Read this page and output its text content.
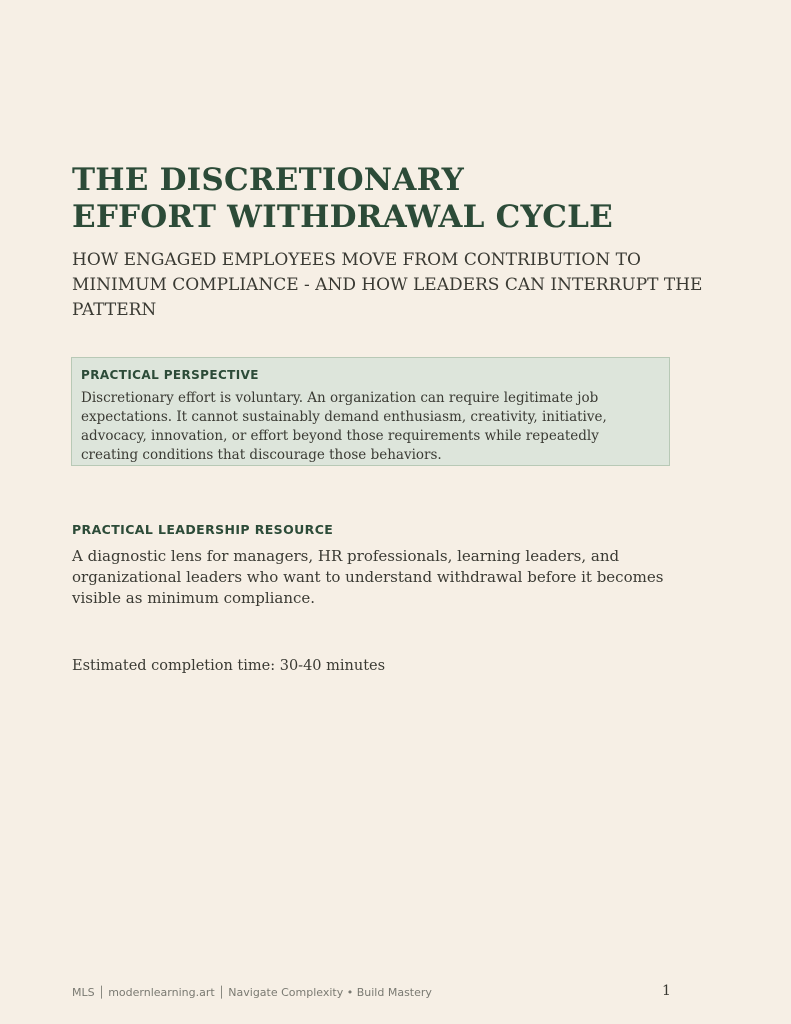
THE DISCRETIONARY
EFFORT WITHDRAWAL CYCLE

HOW ENGAGED EMPLOYEES MOVE FROM CONTRIBUTION TO MINIMUM COMPLIANCE - AND HOW LEADERS CAN INTERRUPT THE PATTERN

PRACTICAL PERSPECTIVE

Discretionary effort is voluntary. An organization can require legitimate job expectations. It cannot sustainably demand enthusiasm, creativity, initiative, advocacy, innovation, or effort beyond those requirements while repeatedly creating conditions that discourage those behaviors.

PRACTICAL LEADERSHIP RESOURCE

A diagnostic lens for managers, HR professionals, learning leaders, and organizational leaders who want to understand withdrawal before it becomes visible as minimum compliance.

Estimated completion time: 30-40 minutes

MLS │ modernlearning.art │ Navigate Complexity • Build Mastery	1
